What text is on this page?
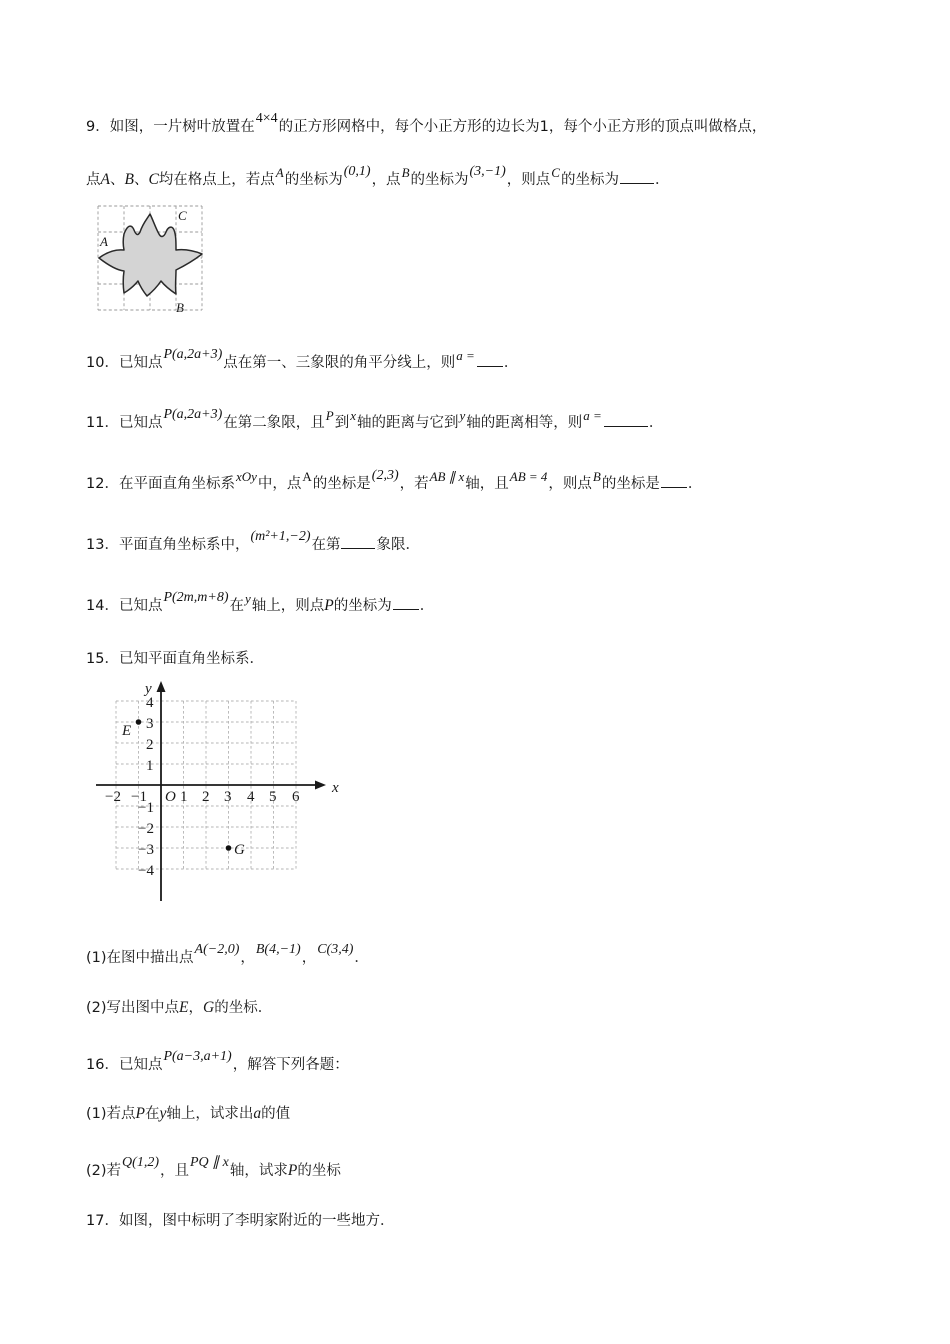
9．如图，一片树叶放置在4×4的正方形网格中，每个小正方形的边长为1，每个小正方形的顶点叫做格点，
点A、B、C均在格点上，若点A的坐标为(0,1)，点B的坐标为(3,−1)，则点C的坐标为 ．
A
C
B
10．已知点P(a,2a+3)点在第一、三象限的角平分线上，则a = ．
11．已知点P(a,2a+3)在第二象限，且P到x轴的距离与它到y轴的距离相等，则a =	．
12．在平面直角坐标系xOy中，点A的坐标是(2,3)，若AB ∥ x轴，且AB = 4，则点B的坐标是 ．
13．平面直角坐标系中，(m²+1,−2)在第 象限．
14．已知点P(2m,m+8)在y轴上，则点P的坐标为 ．
15．已知平面直角坐标系．
x
y
−2 −1 O 1 2 3 4 5 6
4
3
2
1
−1
−2
−3
−4
E
G
(1)在图中描出点A(−2,0)，B(4,−1)，C(3,4)．
(2)写出图中点E，G的坐标．
16．已知点P(a−3,a+1)，解答下列各题：
(1)若点P在y轴上，试求出a的值
(2)若Q(1,2)，且PQ ∥ x轴，试求P的坐标
17．如图，图中标明了李明家附近的一些地方．
